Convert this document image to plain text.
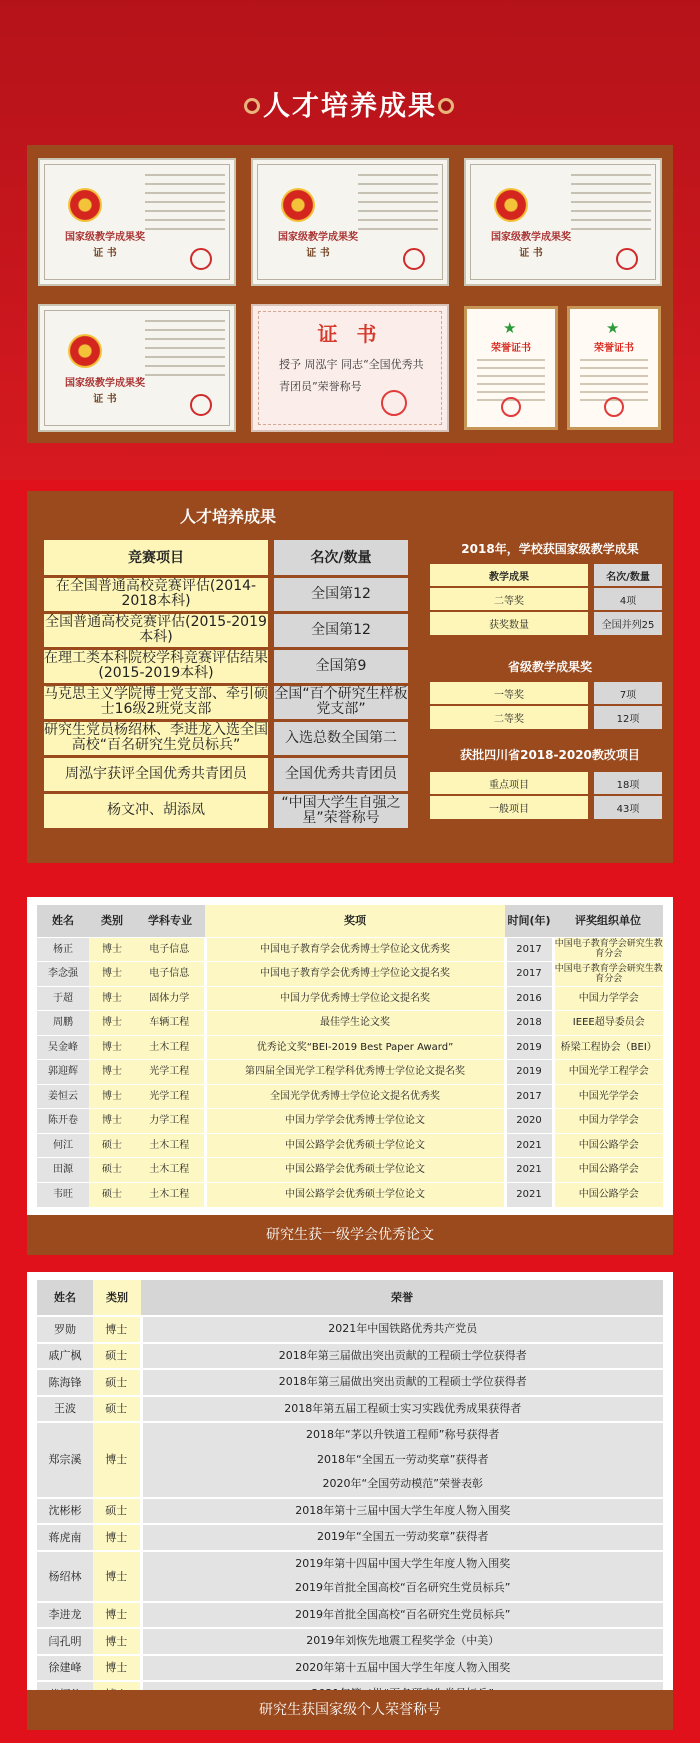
人才培养成果
国家级教学成果奖
证 书
国家级教学成果奖
证 书
国家级教学成果奖
证 书
国家级教学成果奖
证 书
证 书
授予 周泓宇 同志“全国优秀共青团员”荣誉称号
★
荣誉证书
★
荣誉证书
人才培养成果
竞赛项目		名次/数量
在全国普通高校竞赛评估(2014-2018本科)		全国第12
全国普通高校竞赛评估(2015-2019本科)		全国第12
在理工类本科院校学科竞赛评估结果(2015-2019本科)		全国第9
马克思主义学院博士党支部、牵引硕士16级2班党支部		全国“百个研究生样板党支部”
研究生党员杨绍林、李进龙入选全国高校“百名研究生党员标兵”		入选总数全国第二
周泓宇获评全国优秀共青团员		全国优秀共青团员
杨文冲、胡添凤		“中国大学生自强之星”荣誉称号
2018年，学校获国家级教学成果
教学成果		名次/数量
二等奖		4项
获奖数量		全国并列25
省级教学成果奖
一等奖		7项
二等奖		12项
获批四川省2018-2020教改项目
重点项目		18项
一般项目		43项
姓名	类别	学科专业	奖项	时间(年)	评奖组织单位
杨正	博士	电子信息	中国电子教育学会优秀博士学位论文优秀奖	2017	中国电子教育学会研究生教育分会
李念强	博士	电子信息	中国电子教育学会优秀博士学位论文提名奖	2017	中国电子教育学会研究生教育分会
于超	博士	固体力学	中国力学优秀博士学位论文提名奖	2016	中国力学学会
周鹏	博士	车辆工程	最佳学生论文奖	2018	IEEE超导委员会
吴金峰	博士	土木工程	优秀论文奖“BEI-2019 Best Paper Award”	2019	桥梁工程协会（BEI）
郭迎辉	博士	光学工程	第四届全国光学工程学科优秀博士学位论文提名奖	2019	中国光学工程学会
姜恒云	博士	光学工程	全国光学优秀博士学位论文提名优秀奖	2017	中国光学学会
陈开卷	博士	力学工程	中国力学学会优秀博士学位论文	2020	中国力学学会
何江	硕士	土木工程	中国公路学会优秀硕士学位论文	2021	中国公路学会
田源	硕士	土木工程	中国公路学会优秀硕士学位论文	2021	中国公路学会
韦旺	硕士	土木工程	中国公路学会优秀硕士学位论文	2021	中国公路学会
研究生获一级学会优秀论文
姓名	类别	荣誉
罗勋	博士	2021年中国铁路优秀共产党员

戚广枫	硕士	2018年第三届做出突出贡献的工程硕士学位获得者

陈海锋	硕士	2018年第三届做出突出贡献的工程硕士学位获得者

王波	硕士	2018年第五届工程硕士实习实践优秀成果获得者

郑宗溪	博士	2018年“茅以升铁道工程师”称号获得者
2018年“全国五一劳动奖章”获得者
2020年“全国劳动模范”荣誉表彰

沈彬彬	硕士	2018年第十三届中国大学生年度人物入围奖

蒋虎南	博士	2019年“全国五一劳动奖章”获得者

杨绍林	博士	2019年第十四届中国大学生年度人物入围奖
2019年首批全国高校“百名研究生党员标兵”

李进龙	博士	2019年首批全国高校“百名研究生党员标兵”

闫孔明	博士	2019年刘恢先地震工程奖学金（中美）

徐建峰	博士	2020年第十五届中国大学生年度人物入围奖

研究生获国家级个人荣誉称号
